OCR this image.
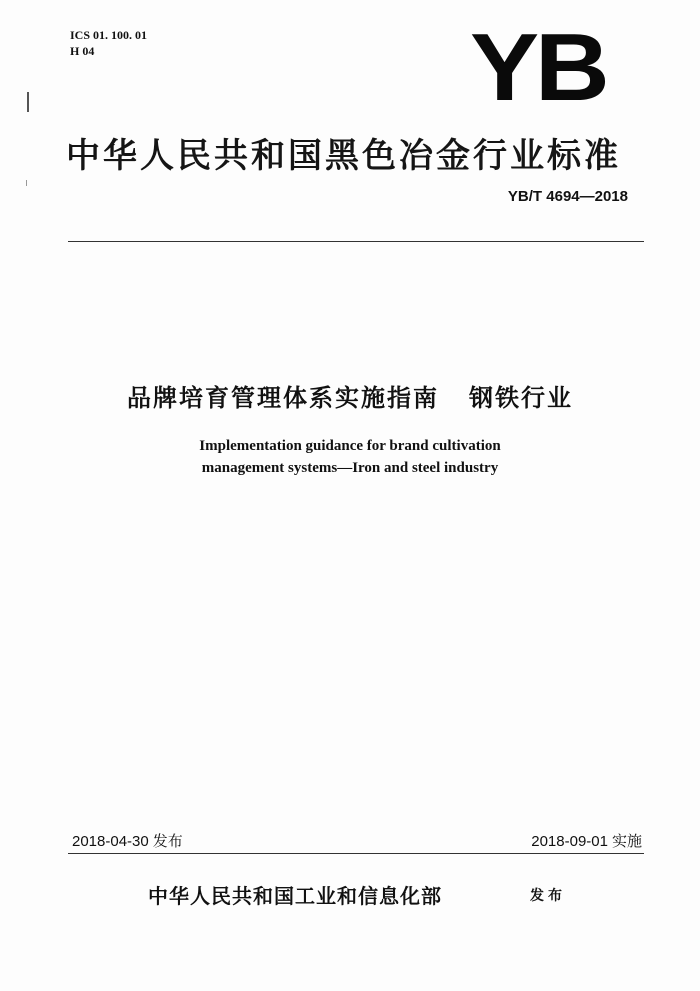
ICS 01. 100. 01
H 04	YB
中华人民共和国黑色冶金行业标准
YB/T 4694—2018
品牌培育管理体系实施指南 钢铁行业
Implementation guidance for brand cultivation
management systems—Iron and steel industry
2018-04-30 发布	2018-09-01 实施
中华人民共和国工业和信息化部	发布
